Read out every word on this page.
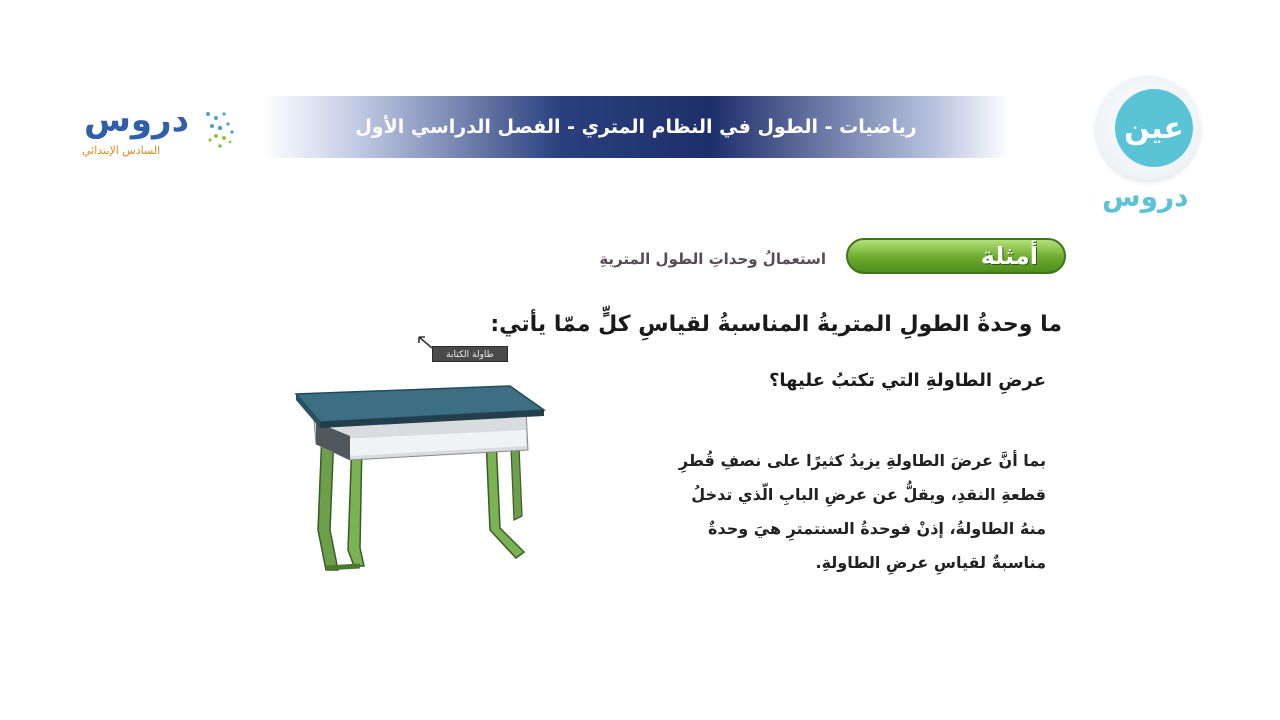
رياضيات - الطول في النظام المتري - الفصل الدراسي الأول
دروس
السادس الإبتدائي
عين
دروس
أمثلة
استعمالُ وحداتِ الطول المتريةِ
ما وحدةُ الطولِ المتريةُ المناسبةُ لقياسِ كلٍّ ممّا يأتي:
عرضِ الطاولةِ التي تكتبُ عليها؟
بما أنَّ عرضَ الطاولةِ يزيدُ كثيرًا على نصفِ قُطرِ
قطعةِ النقدِ، ويقلُّ عن عرضِ البابِ الّذي تدخلُ
منهُ الطاولةُ، إذنْ فوحدةُ السنتمترِ هيَ وحدةٌ
مناسبةٌ لقياسِ عرضِ الطاولةِ.
طاولة الكتابة
